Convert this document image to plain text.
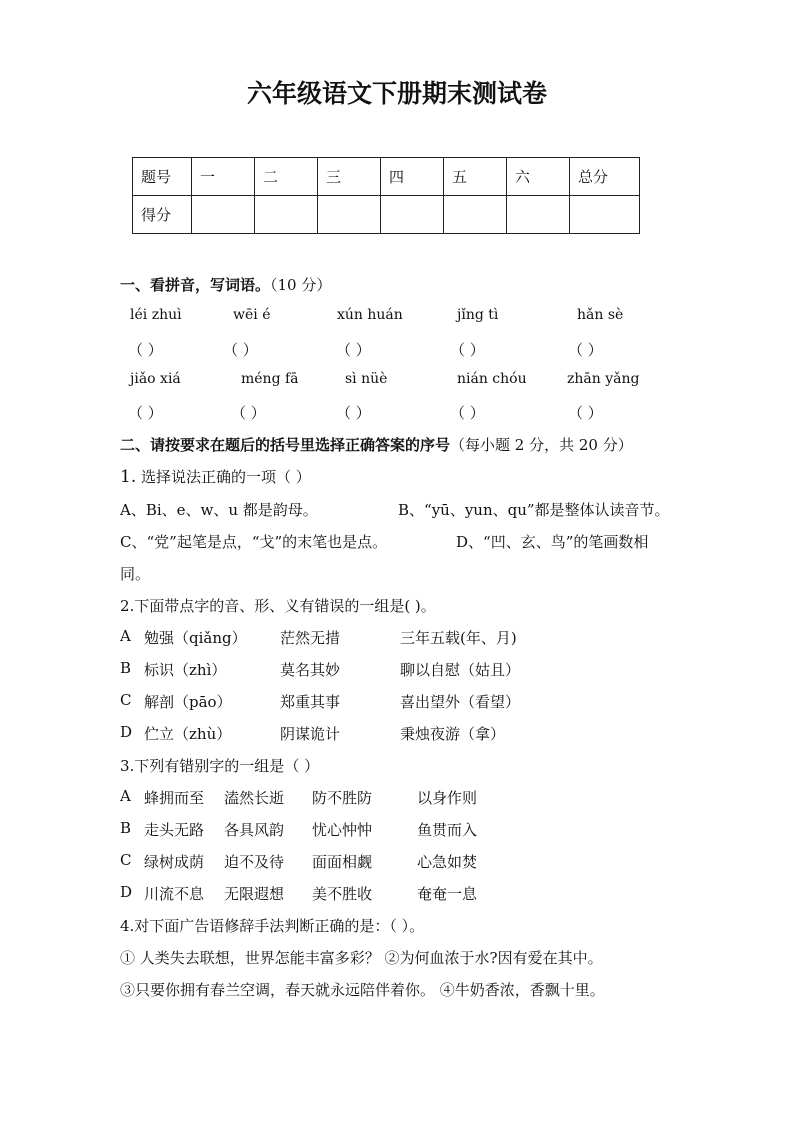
六年级语文下册期末测试卷
题号	一	二	三	四	五	六	总分
得分							
一、看拼音，写词语。（10 分）
léi zhuì	wēi é	xún huán	jǐng tì	hǎn sè
（ ）	（ ）	（ ）	（ ）	（ ）
jiǎo xiá	méng fā	sì nüè	nián chóu	zhān yǎng
（ ）	（ ）	（ ）	（ ）	（ ）
二、请按要求在题后的括号里选择正确答案的序号（每小题 2 分，共 20 分）
1. 选择说法正确的一项（ ）
A、Bi、e、w、u 都是韵母。	B、“yū、yun、qu”都是整体认读音节。
C、“党”起笔是点，“戈”的末笔也是点。	D、“凹、玄、鸟”的笔画数相
同。
2.下面带点字的音、形、义有错误的一组是( )。
A 勉强（qiǎng） 茫然无措	三年五载(年、月)
B 标识（zhì）	莫名其妙	聊以自慰（姑且）
C 解剖（pāo）	郑重其事	喜出望外（看望）
D 伫立（zhù）	阴谋诡计	秉烛夜游（拿）
3.下列有错别字的一组是（ ）
A 蜂拥而至 溘然长逝 防不胜防	以身作则
B 走头无路 各具风韵 忧心忡忡	鱼贯而入
C 绿树成荫 迫不及待 面面相觑	心急如焚
D 川流不息 无限遐想 美不胜收	奄奄一息
4.对下面广告语修辞手法判断正确的是：（ ）。
① 人类失去联想，世界怎能丰富多彩？ ②为何血浓于水?因有爱在其中。
③只要你拥有春兰空调，春天就永远陪伴着你。 ④牛奶香浓，香飘十里。
